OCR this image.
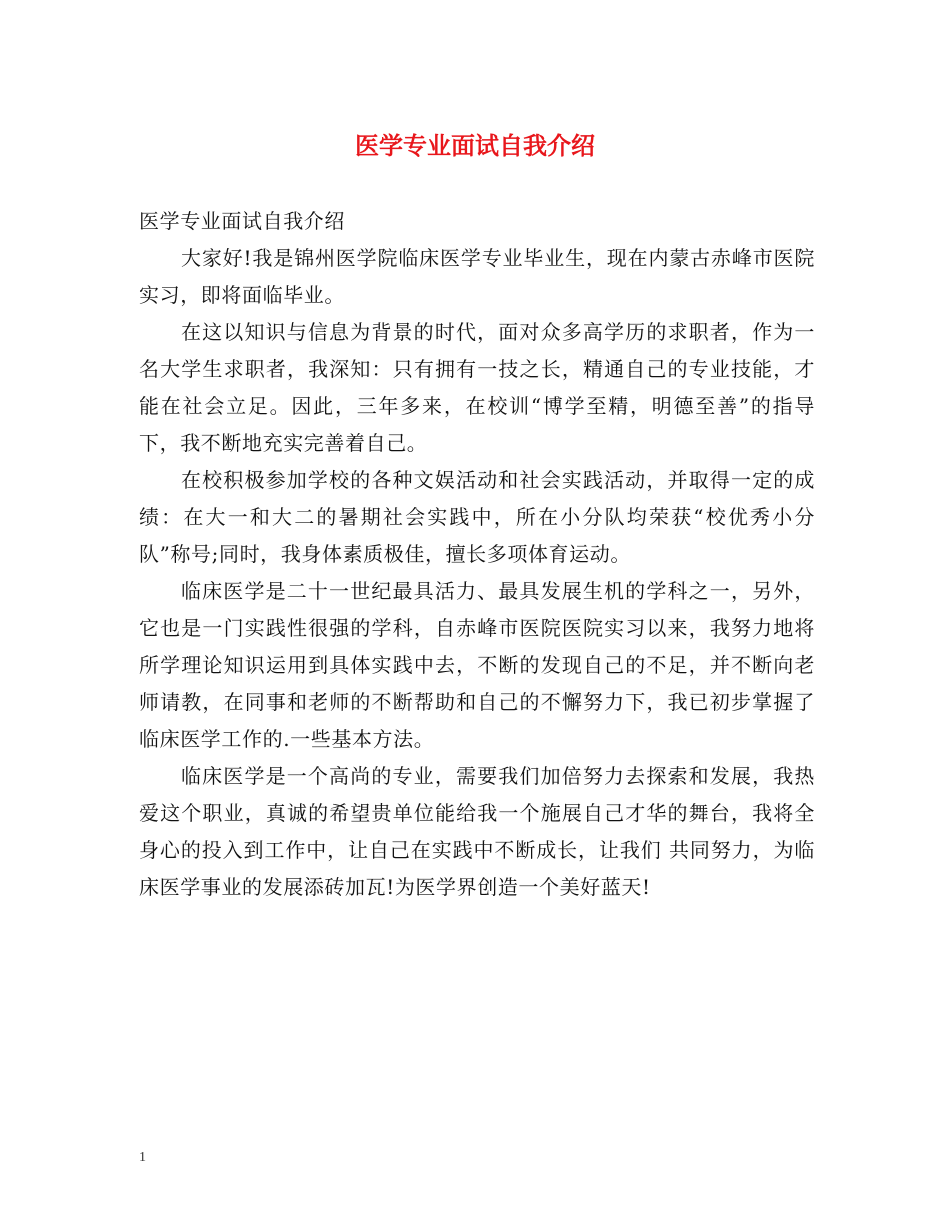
医学专业面试自我介绍

医学专业面试自我介绍

大家好!我是锦州医学院临床医学专业毕业生，现在内蒙古赤峰市医院实习，即将面临毕业。

在这以知识与信息为背景的时代，面对众多高学历的求职者，作为一名大学生求职者，我深知：只有拥有一技之长，精通自己的专业技能，才能在社会立足。因此，三年多来，在校训“博学至精，明德至善”的指导下，我不断地充实完善着自己。

在校积极参加学校的各种文娱活动和社会实践活动，并取得一定的成绩：在大一和大二的暑期社会实践中，所在小分队均荣获“校优秀小分队”称号;同时，我身体素质极佳，擅长多项体育运动。

临床医学是二十一世纪最具活力、最具发展生机的学科之一，另外，它也是一门实践性很强的学科，自赤峰市医院医院实习以来，我努力地将所学理论知识运用到具体实践中去，不断的发现自己的不足，并不断向老师请教，在同事和老师的不断帮助和自己的不懈努力下，我已初步掌握了临床医学工作的.一些基本方法。

临床医学是一个高尚的专业，需要我们加倍努力去探索和发展，我热爱这个职业，真诚的希望贵单位能给我一个施展自己才华的舞台，我将全身心的投入到工作中，让自己在实践中不断成长，让我们 共同努力，为临床医学事业的发展添砖加瓦!为医学界创造一个美好蓝天!

1
